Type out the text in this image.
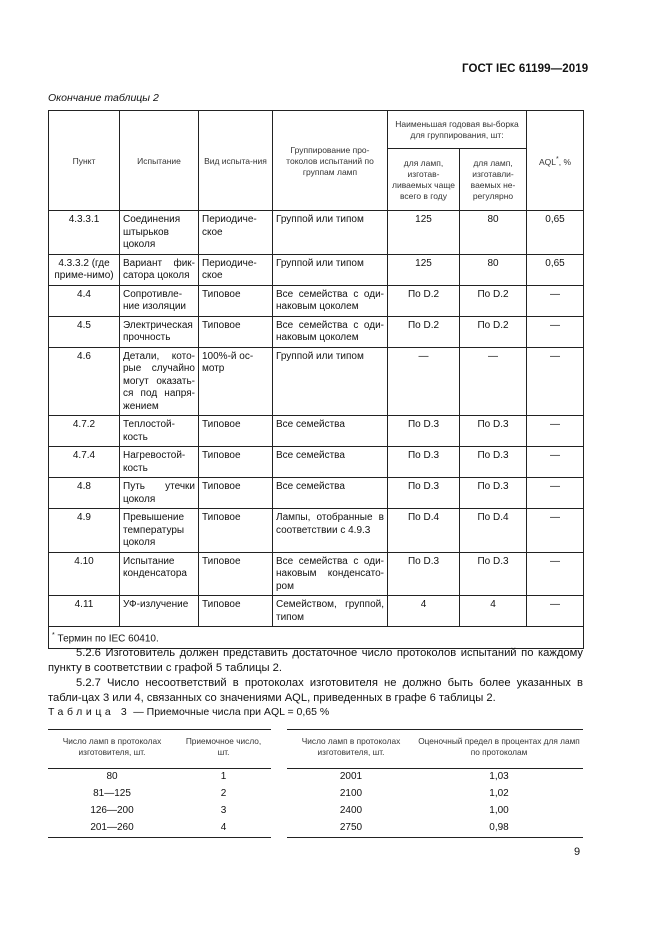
ГОСТ IEC 61199—2019
Окончание таблицы 2
Пункт	Испытание	Вид испыта-ния	Группирование про-токолов испытаний по группам ламп	Наименьшая годовая вы-борка для группирования, шт:		AQL*, %
				для ламп, изготав-ливаемых чаще всего в году	для ламп, изготавли-ваемых не-регулярно	
4.3.3.1	Соединения штырьков цоколя	Периодиче-ское	Группой или типом	125	80	0,65
4.3.3.2 (где приме-нимо)	Вариант фик-сатора цоколя	Периодиче-ское	Группой или типом	125	80	0,65
4.4	Сопротивле-ние изоляции	Типовое	Все семейства с оди-наковым цоколем	По D.2	По D.2	—
4.5	Электрическая прочность	Типовое	Все семейства с оди-наковым цоколем	По D.2	По D.2	—
4.6	Детали, кото-рые случайно могут оказать-ся под напря-жением	100%-й ос-мотр	Группой или типом	—	—	—
4.7.2	Теплостой-кость	Типовое	Все семейства	По D.3	По D.3	—
4.7.4	Нагревостой-кость	Типовое	Все семейства	По D.3	По D.3	—
4.8	Путь утечки цоколя	Типовое	Все семейства	По D.3	По D.3	—
4.9	Превышение температуры цоколя	Типовое	Лампы, отобранные в соответствии с 4.9.3	По D.4	По D.4	—
4.10	Испытание конденсатора	Типовое	Все семейства с оди-наковым конденсато-ром	По D.3	По D.3	—
4.11	УФ-излучение	Типовое	Семейством, группой, типом	4	4	—
* Термин по IEC 60410.						

5.2.6 Изготовитель должен представить достаточное число протоколов испытаний по каждому пункту в соответствии с графой 5 таблицы 2.

5.2.7 Число несоответствий в протоколах изготовителя не должно быть более указанных в табли-цах 3 или 4, связанных со значениями AQL, приведенных в графе 6 таблицы 2.

Таблица 3 — Приемочные числа при AQL = 0,65 %
Число ламп в протоколах изготовителя, шт.	Приемочное число, шт.
80	1
81—125	2
126—200	3
201—260	4
Число ламп в протоколах изготовителя, шт.	Оценочный предел в процентах для ламп по протоколам
2001	1,03
2100	1,02
2400	1,00
2750	0,98
9
